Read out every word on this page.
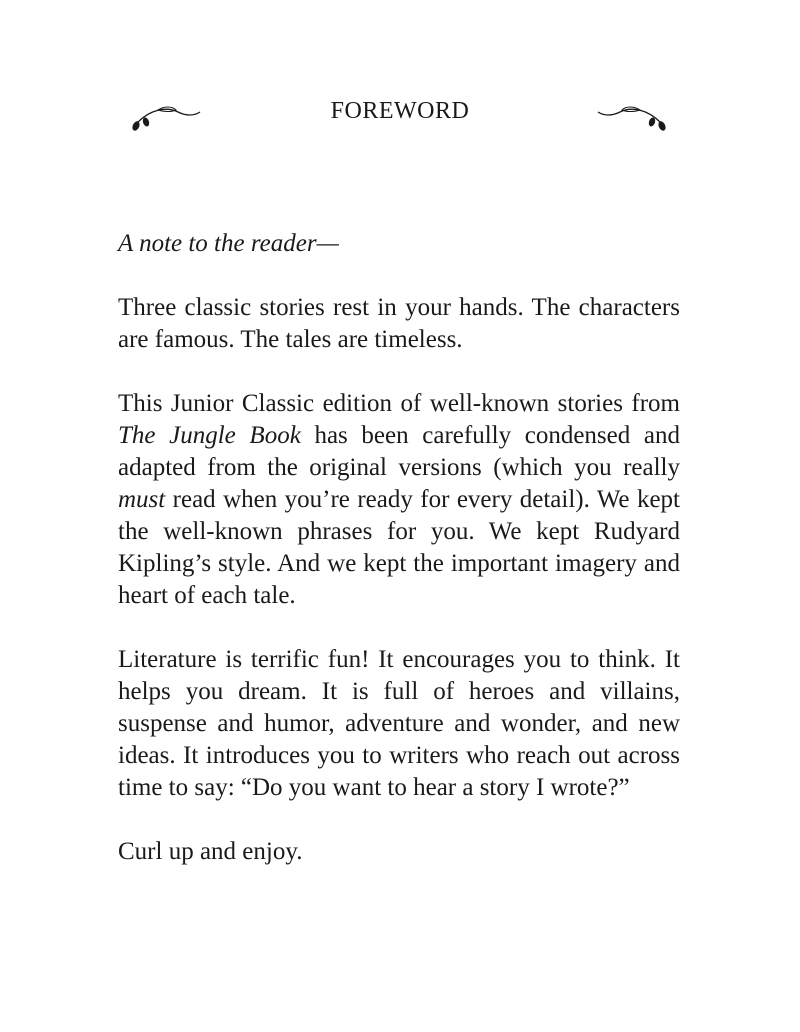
FOREWORD

A note to the reader—

Three classic stories rest in your hands. The characters are famous. The tales are timeless.

This Junior Classic edition of well-known stories from The Jungle Book has been carefully condensed and adapted from the original versions (which you really must read when you’re ready for every detail). We kept the well-known phrases for you. We kept Rudyard Kipling’s style. And we kept the important imagery and heart of each tale.

Literature is terrific fun! It encourages you to think. It helps you dream. It is full of heroes and villains, suspense and humor, adventure and wonder, and new ideas. It introduces you to writers who reach out across time to say: “Do you want to hear a story I wrote?”

Curl up and enjoy.
